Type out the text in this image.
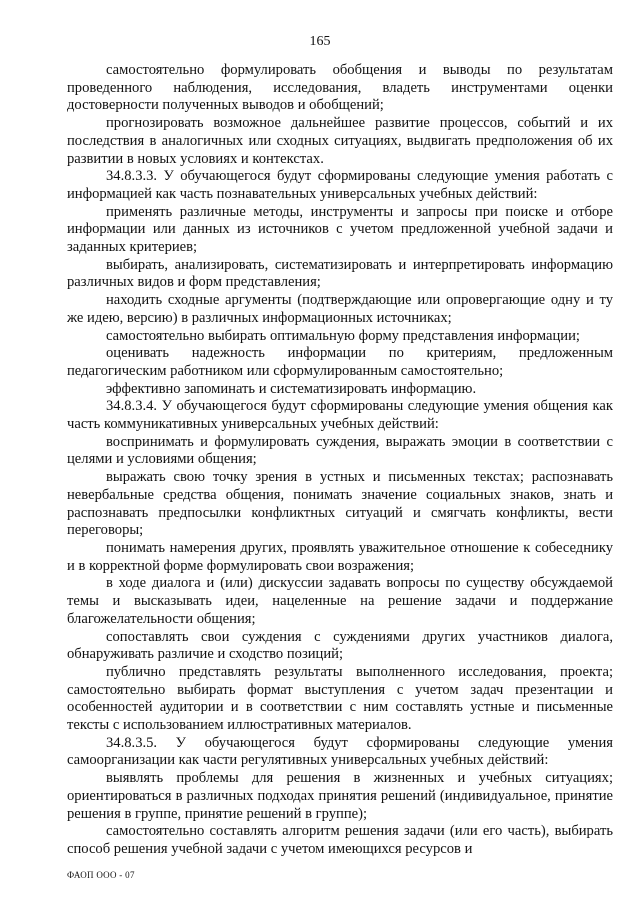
165

самостоятельно формулировать обобщения и выводы по результатам проведенного наблюдения, исследования, владеть инструментами оценки достоверности полученных выводов и обобщений;

прогнозировать возможное дальнейшее развитие процессов, событий и их последствия в аналогичных или сходных ситуациях, выдвигать предположения об их развитии в новых условиях и контекстах.

34.8.3.3. У обучающегося будут сформированы следующие умения работать с информацией как часть познавательных универсальных учебных действий:

применять различные методы, инструменты и запросы при поиске и отборе информации или данных из источников с учетом предложенной учебной задачи и заданных критериев;

выбирать, анализировать, систематизировать и интерпретировать информацию различных видов и форм представления;

находить сходные аргументы (подтверждающие или опровергающие одну и ту же идею, версию) в различных информационных источниках;

самостоятельно выбирать оптимальную форму представления информации;

оценивать надежность информации по критериям, предложенным педагогическим работником или сформулированным самостоятельно;

эффективно запоминать и систематизировать информацию.

34.8.3.4. У обучающегося будут сформированы следующие умения общения как часть коммуникативных универсальных учебных действий:

воспринимать и формулировать суждения, выражать эмоции в соответствии с целями и условиями общения;

выражать свою точку зрения в устных и письменных текстах; распознавать невербальные средства общения, понимать значение социальных знаков, знать и распознавать предпосылки конфликтных ситуаций и смягчать конфликты, вести переговоры;

понимать намерения других, проявлять уважительное отношение к собеседнику и в корректной форме формулировать свои возражения;

в ходе диалога и (или) дискуссии задавать вопросы по существу обсуждаемой темы и высказывать идеи, нацеленные на решение задачи и поддержание благожелательности общения;

сопоставлять свои суждения с суждениями других участников диалога, обнаруживать различие и сходство позиций;

публично представлять результаты выполненного исследования, проекта; самостоятельно выбирать формат выступления с учетом задач презентации и особенностей аудитории и в соответствии с ним составлять устные и письменные тексты с использованием иллюстративных материалов.

34.8.3.5. У обучающегося будут сформированы следующие умения самоорганизации как части регулятивных универсальных учебных действий:

выявлять проблемы для решения в жизненных и учебных ситуациях; ориентироваться в различных подходах принятия решений (индивидуальное, принятие решения в группе, принятие решений в группе);

самостоятельно составлять алгоритм решения задачи (или его часть), выбирать способ решения учебной задачи с учетом имеющихся ресурсов и

ФАОП ООО - 07
